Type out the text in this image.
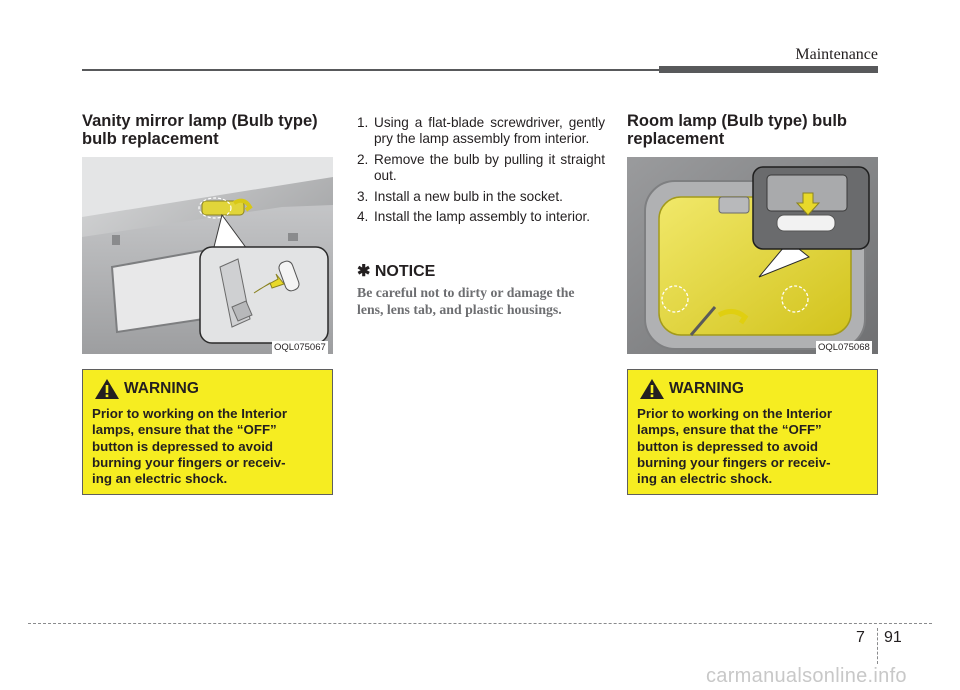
Maintenance
Vanity mirror lamp (Bulb type)
bulb replacement
OQL075067
WARNING
Prior to working on the Interior
lamps, ensure that the “OFF”
button is depressed to avoid
burning your fingers or receiv-
ing an electric shock.
1. Using a flat-blade screwdriver, gently pry the lamp assembly from interior.
2. Remove the bulb by pulling it straight out.
3. Install a new bulb in the socket.
4. Install the lamp assembly to interior.
✱ NOTICE
Be careful not to dirty or damage the
lens, lens tab, and plastic housings.
Room lamp (Bulb type) bulb
replacement
OQL075068
WARNING
Prior to working on the Interior
lamps, ensure that the “OFF”
button is depressed to avoid
burning your fingers or receiv-
ing an electric shock.
7 91
carmanualsonline.info
